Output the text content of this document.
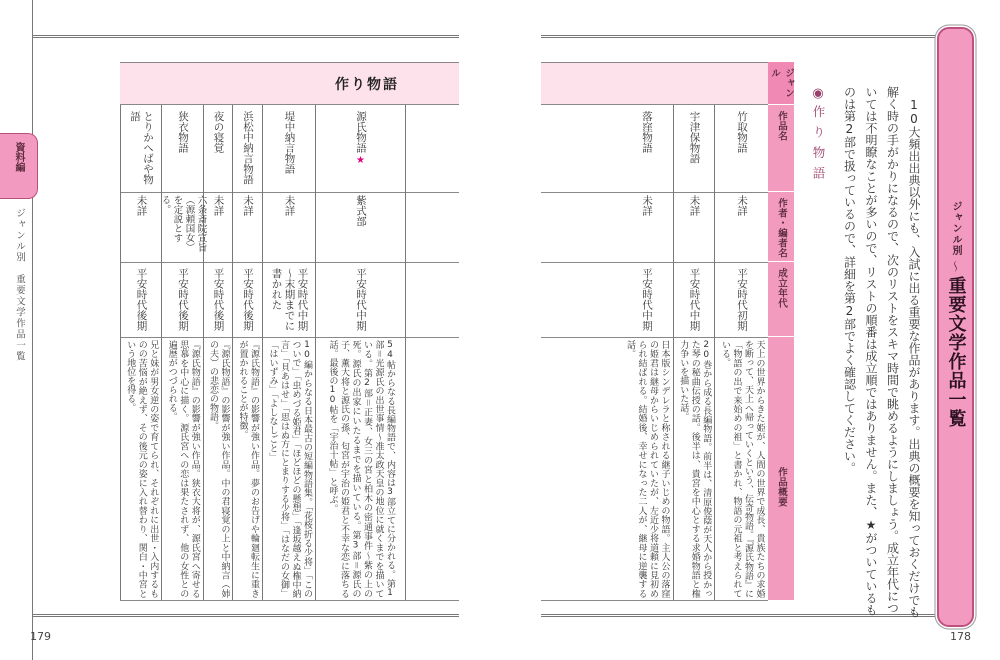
資料編
ジャンル別　重要文学作品一覧
作り物語
179
ジャンル別
〜
重要文学作品一覧
10大頻出出典以外にも、入試に出る重要な作品があります。出典の概要を知っておくだけでも解く時の手がかりになるので、次のリストをスキマ時間で眺めるようにしましょう。成立年代については不明瞭なことが多いので、リストの順番は成立順ではありません。また、★がついているものは第2部で扱っているので、詳細を第2部でよく確認してください。
◉
作り物語
178
ジャンル
作品名
作者・編者名
成立年代
作品概要
竹取物語
未詳
平安時代初期
天上の世界からきた姫が、人間の世界で成長、貴族たちの求婚を断って、天上へ帰っていくという、伝奇物語。『源氏物語』に「物語の出で来始めの祖」と書かれ、物語の元祖と考えられている。
宇津保物語
未詳
平安時代中期
20巻から成る長編物語。前半は、清原俊蔭が天人から授かった琴の秘曲伝授の話。後半は、貴宮を中心とする求婚物語と権力争いを描いた話。
落窪物語
未詳
平安時代中期
日本版シンデレラと称される継子いじめの物語。主人公の落窪の姫君は継母からいじめられていたが、左近少将道頼に見初められ結ばれる。結婚後、幸せになった二人が、継母に逆襲する話。
源氏物語
★
紫式部
平安時代中期
54帖からなる長編物語で、内容は3部立てに分かれる。第1部＝光源氏の出世事情～准太政天皇の地位に就くまでを描いている。第2部＝正妻、女三の宮と柏木の密通事件～紫の上の死。源氏の出家にいたるまでを描いている。第3部＝源氏の子、薫大将と源氏の孫、匂宮が宇治の姫君と不幸な恋に落ちる話。最後の10帖を「宇治十帖」と呼ぶ。
堤中納言物語
未詳
平安時代中期～末期までに書かれた
10編からなる日本最古の短編物語集。「花桜折る少将」「このついで」「虫めづる姫君」「ほどほどの懸想」「逢坂越えぬ権中納言」「貝あはせ」「思はぬ方にとまりする少将」「はなだの女御」「はいずみ」「よしなしごと」
浜松中納言物語
未詳
平安時代後期
『源氏物語』の影響が強い作品。夢のお告げや輪廻転生に重きが置かれることが特徴。
夜の寝覚
未詳
平安時代後期
『源氏物語』の影響が強い作品。中の君寝覚の上と中納言（姉の夫）の悲恋の物語。
狭衣物語
六条斎院宣旨（源頼国女）を定説とする。
平安時代後期
『源氏物語』の影響が強い作品。狭衣大将が、源氏宮へ寄せる思慕を中心に描く。源氏宮への恋は果たされず、他の女性との遍歴がつづられる。
とりかへばや物語
未詳
平安時代後期
兄と妹が男女逆の姿で育てられ、それぞれに出世・入内するものの苦悩が絶えず、その後元の姿に入れ替わり、関白・中宮という地位を得る。
